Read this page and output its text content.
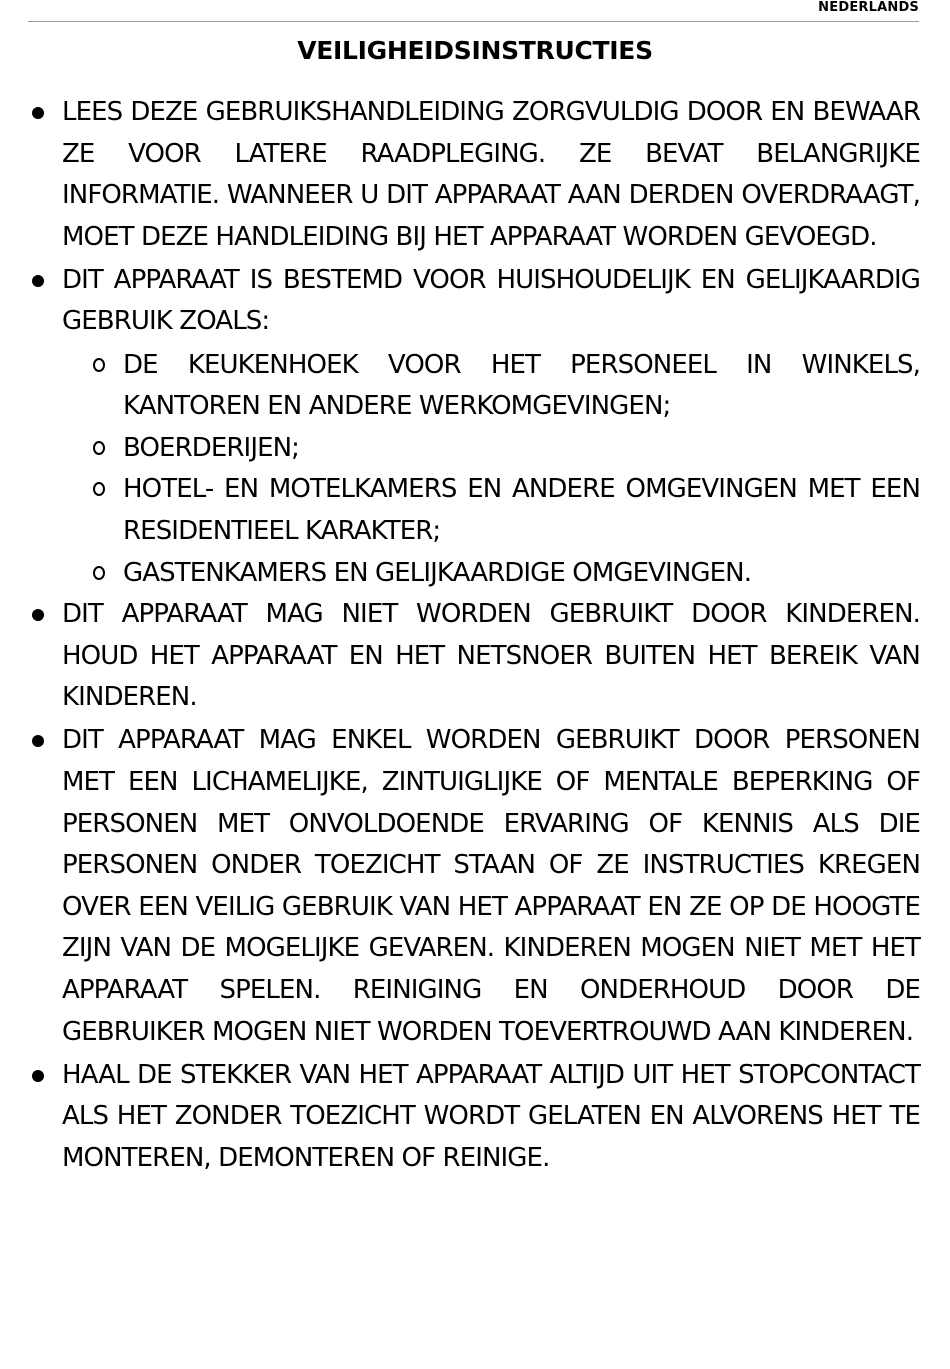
NEDERLANDS
VEILIGHEIDSINSTRUCTIES
LEES DEZE GEBRUIKSHANDLEIDING ZORGVULDIG DOOR EN BEWAAR ZE VOOR LATERE RAADPLEGING. ZE BEVAT BELANGRIJKE INFORMATIE. WANNEER U DIT APPARAAT AAN DERDEN OVERDRAAGT, MOET DEZE HANDLEIDING BIJ HET APPARAAT WORDEN GEVOEGD.
DIT APPARAAT IS BESTEMD VOOR HUISHOUDELIJK EN GELIJKAARDIG GEBRUIK ZOALS:
DE KEUKENHOEK VOOR HET PERSONEEL IN WINKELS, KANTOREN EN ANDERE WERKOMGEVINGEN;
BOERDERIJEN;
HOTEL- EN MOTELKAMERS EN ANDERE OMGEVINGEN MET EEN RESIDENTIEEL KARAKTER;
GASTENKAMERS EN GELIJKAARDIGE OMGEVINGEN.
DIT APPARAAT MAG NIET WORDEN GEBRUIKT DOOR KINDEREN. HOUD HET APPARAAT EN HET NETSNOER BUITEN HET BEREIK VAN KINDEREN.
DIT APPARAAT MAG ENKEL WORDEN GEBRUIKT DOOR PERSONEN MET EEN LICHAMELIJKE, ZINTUIGLIJKE OF MENTALE BEPERKING OF PERSONEN MET ONVOLDOENDE ERVARING OF KENNIS ALS DIE PERSONEN ONDER TOEZICHT STAAN OF ZE INSTRUCTIES KREGEN OVER EEN VEILIG GEBRUIK VAN HET APPARAAT EN ZE OP DE HOOGTE ZIJN VAN DE MOGELIJKE GEVAREN. KINDEREN MOGEN NIET MET HET APPARAAT SPELEN. REINIGING EN ONDERHOUD DOOR DE GEBRUIKER MOGEN NIET WORDEN TOEVERTROUWD AAN KINDEREN.
HAAL DE STEKKER VAN HET APPARAAT ALTIJD UIT HET STOPCONTACT ALS HET ZONDER TOEZICHT WORDT GELATEN EN ALVORENS HET TE MONTEREN, DEMONTEREN OF REINIGE.
